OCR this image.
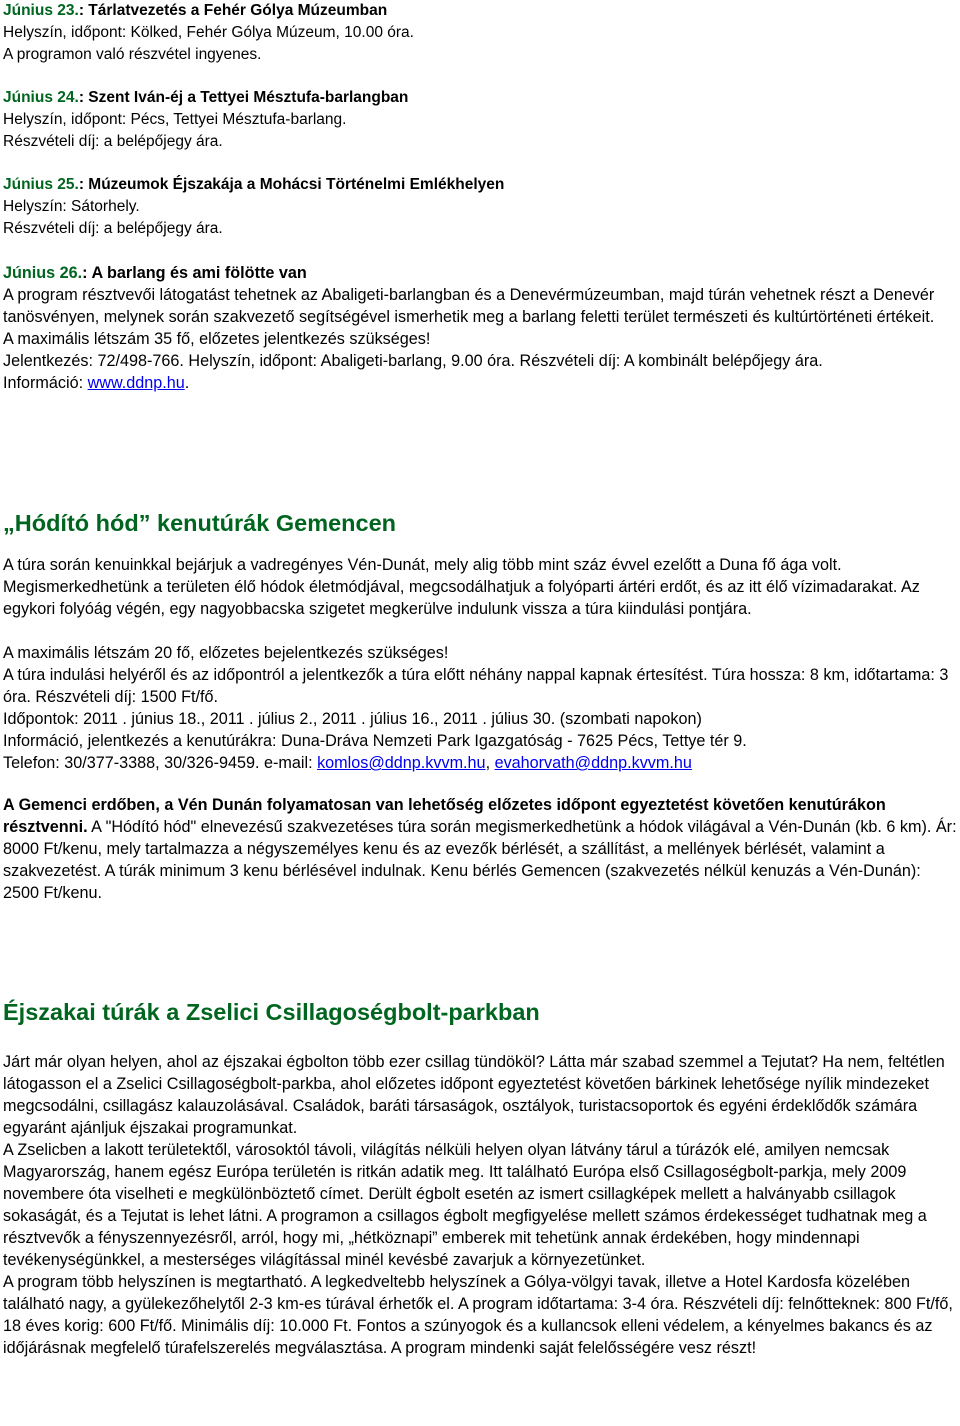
Június 23.: Tárlatvezetés a Fehér Gólya Múzeumban

Helyszín, időpont: Kölked, Fehér Gólya Múzeum, 10.00 óra.

A programon való részvétel ingyenes.

Június 24.: Szent Iván-éj a Tettyei Mésztufa-barlangban

Helyszín, időpont: Pécs, Tettyei Mésztufa-barlang.

Részvételi díj: a belépőjegy ára.

Június 25.: Múzeumok Éjszakája a Mohácsi Történelmi Emlékhelyen

Helyszín: Sátorhely.

Részvételi díj: a belépőjegy ára.

Június 26.: A barlang és ami fölötte van

A program résztvevői látogatást tehetnek az Abaligeti-barlangban és a Denevérmúzeumban, majd túrán vehetnek részt a Denevér tanösvényen, melynek során szakvezető segítségével ismerhetik meg a barlang feletti terület természeti és kultúrtörténeti értékeit.

A maximális létszám 35 fő, előzetes jelentkezés szükséges!

Jelentkezés: 72/498-766. Helyszín, időpont: Abaligeti-barlang, 9.00 óra. Részvételi díj: A kombinált belépőjegy ára.

Információ: www.ddnp.hu.

„Hódító hód” kenutúrák Gemencen

A túra során kenuinkkal bejárjuk a vadregényes Vén-Dunát, mely alig több mint száz évvel ezelőtt a Duna fő ága volt. Megismerkedhetünk a területen élő hódok életmódjával, megcsodálhatjuk a folyóparti ártéri erdőt, és az itt élő vízimadarakat. Az egykori folyóág végén, egy nagyobbacska szigetet megkerülve indulunk vissza a túra kiindulási pontjára.

A maximális létszám 20 fő, előzetes bejelentkezés szükséges!

A túra indulási helyéről és az időpontról a jelentkezők a túra előtt néhány nappal kapnak értesítést. Túra hossza: 8 km, időtartama: 3 óra. Részvételi díj: 1500 Ft/fő.

Időpontok: 2011 . június 18., 2011 . július 2., 2011 . július 16., 2011 . július 30. (szombati napokon)

Információ, jelentkezés a kenutúrákra: Duna-Dráva Nemzeti Park Igazgatóság - 7625 Pécs, Tettye tér 9.

Telefon: 30/377-3388, 30/326-9459. e-mail: komlos@ddnp.kvvm.hu, evahorvath@ddnp.kvvm.hu

A Gemenci erdőben, a Vén Dunán folyamatosan van lehetőség előzetes időpont egyeztetést követően kenutúrákon résztvenni. A "Hódító hód" elnevezésű szakvezetéses túra során megismerkedhetünk a hódok világával a Vén-Dunán (kb. 6 km). Ár: 8000 Ft/kenu, mely tartalmazza a négyszemélyes kenu és az evezők bérlését, a szállítást, a mellények bérlését, valamint a szakvezetést. A túrák minimum 3 kenu bérlésével indulnak. Kenu bérlés Gemencen (szakvezetés nélkül kenuzás a Vén-Dunán): 2500 Ft/kenu.

Éjszakai túrák a Zselici Csillagoségbolt-parkban

Járt már olyan helyen, ahol az éjszakai égbolton több ezer csillag tündököl? Látta már szabad szemmel a Tejutat? Ha nem, feltétlen látogasson el a Zselici Csillagoségbolt-parkba, ahol előzetes időpont egyeztetést követően bárkinek lehetősége nyílik mindezeket megcsodálni, csillagász kalauzolásával. Családok, baráti társaságok, osztályok, turistacsoportok és egyéni érdeklődők számára egyaránt ajánljuk éjszakai programunkat.

A Zselicben a lakott területektől, városoktól távoli, világítás nélküli helyen olyan látvány tárul a túrázók elé, amilyen nemcsak Magyarország, hanem egész Európa területén is ritkán adatik meg. Itt található Európa első Csillagoségbolt-parkja, mely 2009 novembere óta viselheti e megkülönböztető címet. Derült égbolt esetén az ismert csillagképek mellett a halványabb csillagok sokaságát, és a Tejutat is lehet látni. A programon a csillagos égbolt megfigyelése mellett számos érdekességet tudhatnak meg a résztvevők a fényszennyezésről, arról, hogy mi, „hétköznapi” emberek mit tehetünk annak érdekében, hogy mindennapi tevékenységünkkel, a mesterséges világítással minél kevésbé zavarjuk a környezetünket.

A program több helyszínen is megtartható. A legkedveltebb helyszínek a Gólya-völgyi tavak, illetve a Hotel Kardosfa közelében található nagy, a gyülekezőhelytől 2-3 km-es túrával érhetők el. A program időtartama: 3-4 óra. Részvételi díj: felnőtteknek: 800 Ft/fő, 18 éves korig: 600 Ft/fő. Minimális díj: 10.000 Ft. Fontos a szúnyogok és a kullancsok elleni védelem, a kényelmes bakancs és az időjárásnak megfelelő túrafelszerelés megválasztása. A program mindenki saját felelősségére vesz részt!
